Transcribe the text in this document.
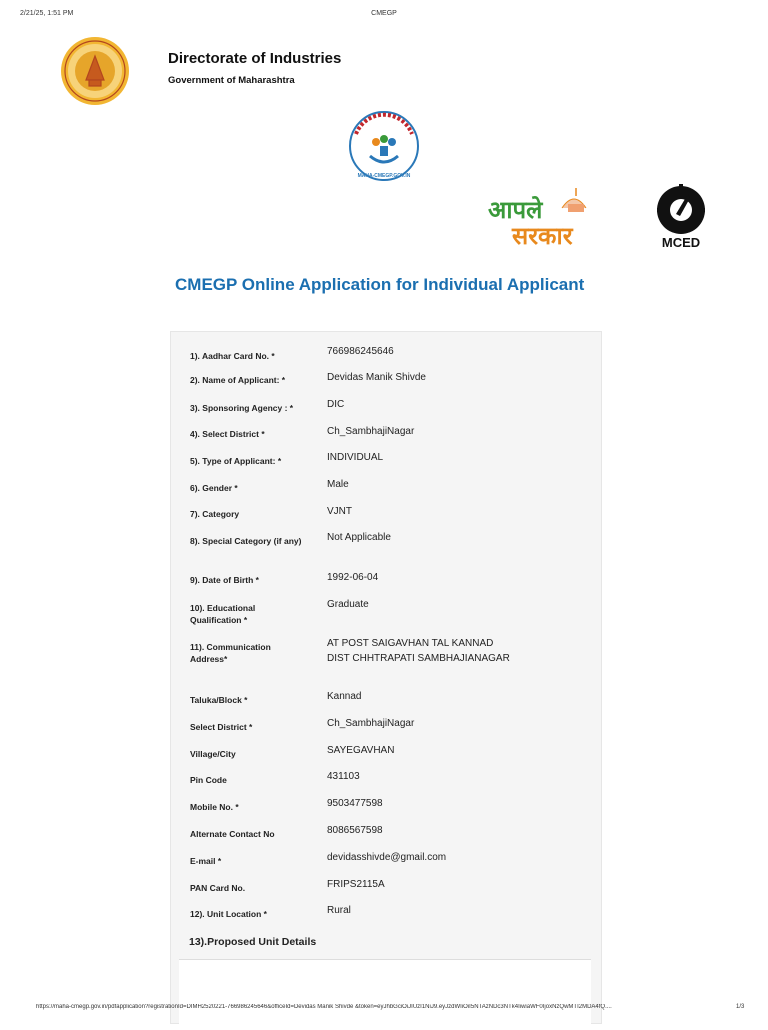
2/21/25, 1:51 PM	CMEGP
Directorate of Industries
Government of Maharashtra
MAHA-CMEGP.GOV.IN
आपले
सरकार	MCED
CMEGP Online Application for Individual Applicant
1). Aadhar Card No. *	766986245646
2). Name of Applicant: *	Devidas Manik Shivde
3). Sponsoring Agency : *	DIC
4). Select District *	Ch_SambhajiNagar
5). Type of Applicant: *	INDIVIDUAL
6). Gender *	Male
7). Category	VJNT
8). Special Category (if any)	Not Applicable
9). Date of Birth *	1992-06-04
10). Educational Qualification *
Graduate
11). Communication Address*
AT POST SAIGAVHAN TAL KANNAD DIST CHHTRAPATI SAMBHAJIANAGAR
Taluka/Block *	Kannad
Select District *	Ch_SambhajiNagar
Village/City	SAYEGAVHAN
Pin Code	431103
Mobile No. *	9503477598
Alternate Contact No	8086567598
E-mail *	devidasshivde@gmail.com
PAN Card No.	FRIPS2115A
12). Unit Location *	Rural
13).Proposed Unit Details
https://maha-cmegp.gov.in/pdfapplication?registrationId=DIMH2520221-766986245646&officeId=Devidas Manik Shivde &token=eyJhbGciOiJIUzI1NiJ9.eyJzdWIiOiI5NTAzNDc3NTk4IiwiaWF0IjoxNzQwMTI2MDA4fQ....	1/3
